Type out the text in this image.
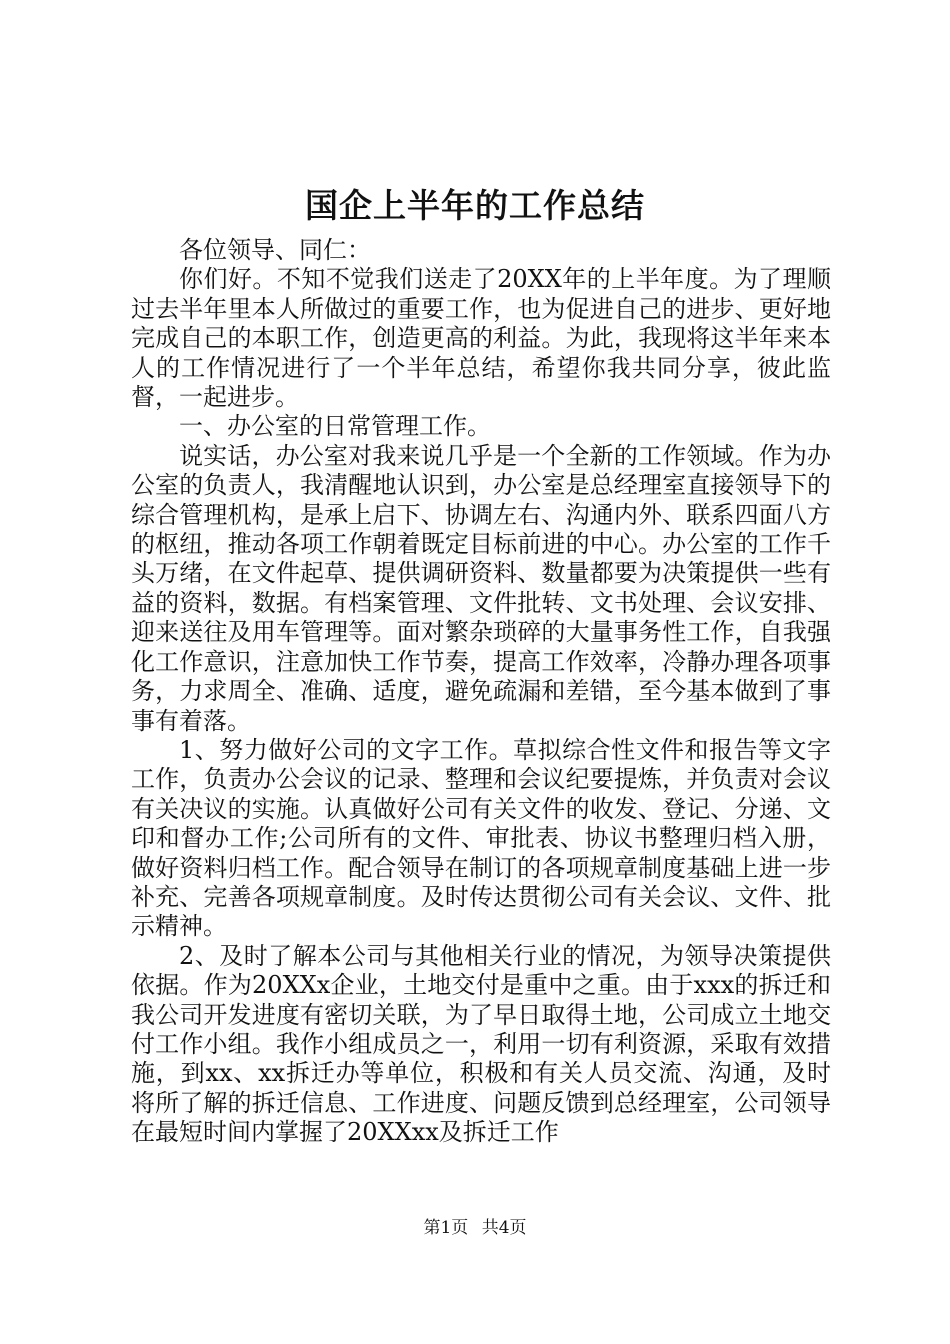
国企上半年的工作总结

各位领导、同仁：

你们好。不知不觉我们送走了20XX年的上半年度。为了理顺过去半年里本人所做过的重要工作，也为促进自己的进步、更好地完成自己的本职工作，创造更高的利益。为此，我现将这半年来本人的工作情况进行了一个半年总结，希望你我共同分享，彼此监督，一起进步。

一、办公室的日常管理工作。

说实话，办公室对我来说几乎是一个全新的工作领域。作为办公室的负责人，我清醒地认识到，办公室是总经理室直接领导下的综合管理机构，是承上启下、协调左右、沟通内外、联系四面八方的枢纽，推动各项工作朝着既定目标前进的中心。办公室的工作千头万绪，在文件起草、提供调研资料、数量都要为决策提供一些有益的资料，数据。有档案管理、文件批转、文书处理、会议安排、迎来送往及用车管理等。面对繁杂琐碎的大量事务性工作，自我强化工作意识，注意加快工作节奏，提高工作效率，冷静办理各项事务，力求周全、准确、适度，避免疏漏和差错，至今基本做到了事事有着落。

1、努力做好公司的文字工作。草拟综合性文件和报告等文字工作，负责办公会议的记录、整理和会议纪要提炼，并负责对会议有关决议的实施。认真做好公司有关文件的收发、登记、分递、文印和督办工作;公司所有的文件、审批表、协议书整理归档入册，做好资料归档工作。配合领导在制订的各项规章制度基础上进一步补充、完善各项规章制度。及时传达贯彻公司有关会议、文件、批示精神。

2、及时了解本公司与其他相关行业的情况，为领导决策提供依据。作为20XXx企业，土地交付是重中之重。由于xxx的拆迁和我公司开发进度有密切关联，为了早日取得土地，公司成立土地交付工作小组。我作小组成员之一，利用一切有利资源，采取有效措施，到xx、xx拆迁办等单位，积极和有关人员交流、沟通，及时将所了解的拆迁信息、工作进度、问题反馈到总经理室，公司领导在最短时间内掌握了20XXxx及拆迁工作

第1页 共4页
